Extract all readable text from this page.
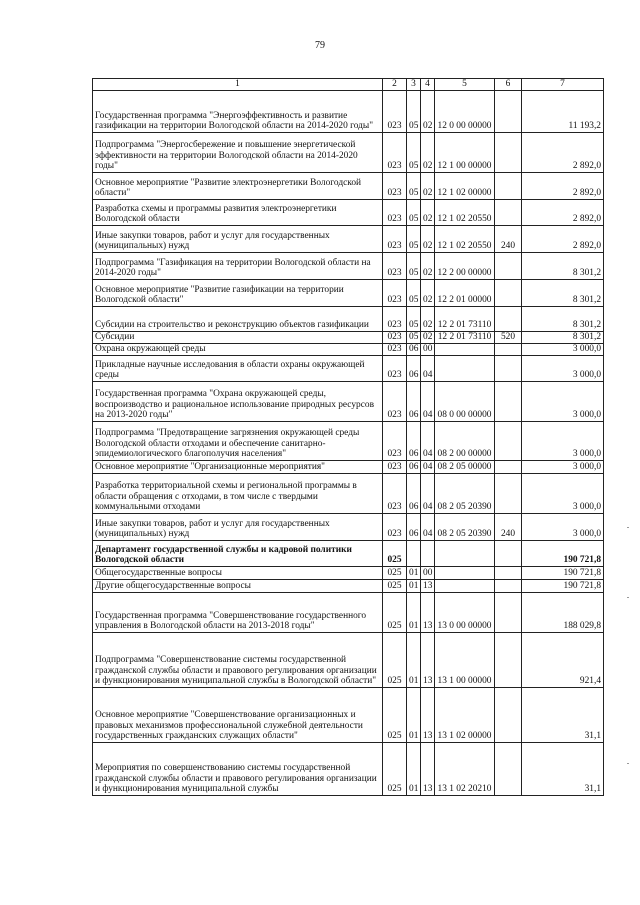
79
1	2	3	4	5	6	7
Государственная программа "Энергоэффективность и развитие газификации на территории Вологодской области на 2014-2020 годы"	023	05	02	12 0 00 00000		11 193,2
Подпрограмма "Энергосбережение и повышение энергетической эффективности на территории Вологодской области на 2014-2020 годы"	023	05	02	12 1 00 00000		2 892,0
Основное мероприятие "Развитие электроэнергетики Вологодской области"	023	05	02	12 1 02 00000		2 892,0
Разработка схемы и программы развития электроэнергетики Вологодской области	023	05	02	12 1 02 20550		2 892,0
Иные закупки товаров, работ и услуг для государственных (муниципальных) нужд	023	05	02	12 1 02 20550	240	2 892,0
Подпрограмма "Газификация на территории Вологодской области на 2014-2020 годы"	023	05	02	12 2 00 00000		8 301,2
Основное мероприятие "Развитие газификации на территории Вологодской области"	023	05	02	12 2 01 00000		8 301,2
Субсидии на строительство и реконструкцию объектов газификации	023	05	02	12 2 01 73110		8 301,2
Субсидии	023	05	02	12 2 01 73110	520	8 301,2
Охрана окружающей среды	023	06	00			3 000,0
Прикладные научные исследования в области охраны окружающей среды	023	06	04			3 000,0
Государственная программа "Охрана окружающей среды, воспроизводство и рациональное использование природных ресурсов на 2013-2020 годы"	023	06	04	08 0 00 00000		3 000,0
Подпрограмма "Предотвращение загрязнения окружающей среды Вологодской области отходами и обеспечение санитарно-эпидемиологического благополучия населения"	023	06	04	08 2 00 00000		3 000,0
Основное мероприятие "Организационные мероприятия"	023	06	04	08 2 05 00000		3 000,0
Разработка территориальной схемы и региональной программы в области обращения с отходами, в том числе с твердыми коммунальными отходами	023	06	04	08 2 05 20390		3 000,0
Иные закупки товаров, работ и услуг для государственных (муниципальных) нужд	023	06	04	08 2 05 20390	240	3 000,0
Департамент государственной службы и кадровой политики Вологодской области	025					190 721,8
Общегосударственные вопросы	025	01	00			190 721,8
Другие общегосударственные вопросы	025	01	13			190 721,8
Государственная программа "Совершенствование государственного управления в Вологодской области на 2013-2018 годы"	025	01	13	13 0 00 00000		188 029,8
Подпрограмма "Совершенствование системы государственной гражданской службы области и правового регулирования организации и функционирования муниципальной службы в Вологодской области"	025	01	13	13 1 00 00000		921,4
Основное мероприятие "Совершенствование организационных и правовых механизмов профессиональной служебной деятельности государственных гражданских служащих области"	025	01	13	13 1 02 00000		31,1
Мероприятия по совершенствованию системы государственной гражданской службы области и правового регулирования организации и функционирования муниципальной службы	025	01	13	13 1 02 20210		31,1
